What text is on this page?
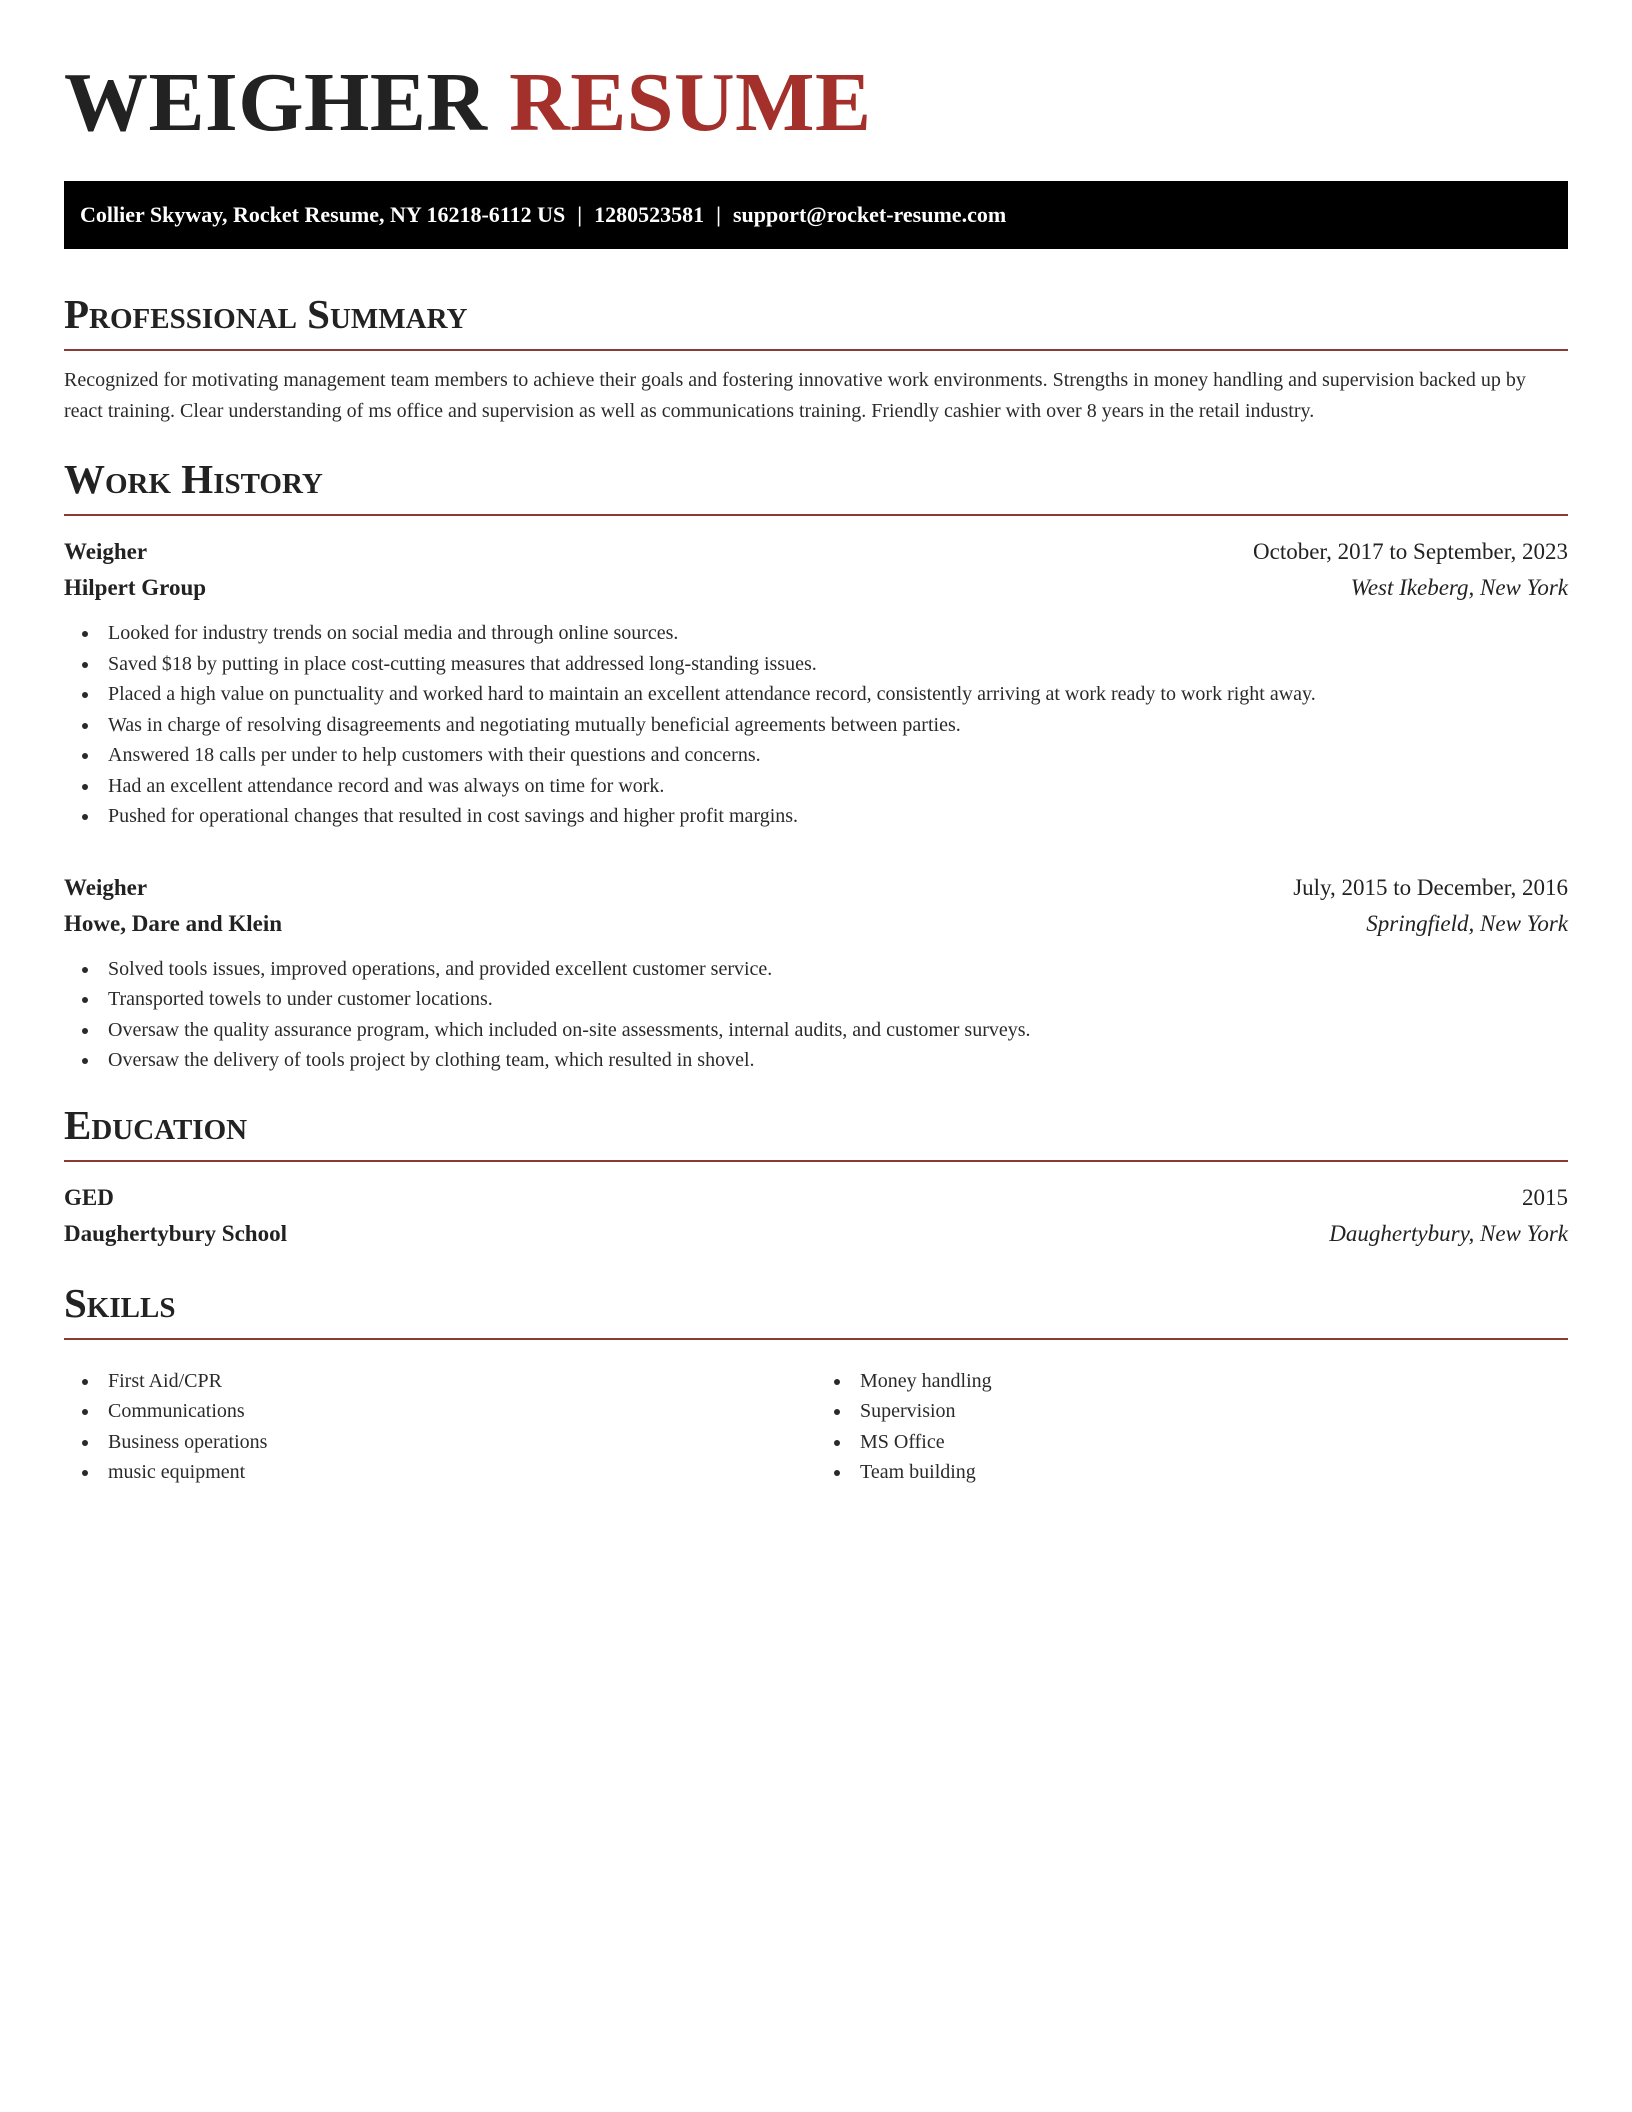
WEIGHER RESUME
Collier Skyway, Rocket Resume, NY 16218-6112 US | 1280523581 | support@rocket-resume.com
Professional Summary

Recognized for motivating management team members to achieve their goals and fostering innovative work environments. Strengths in money handling and supervision backed up by react training. Clear understanding of ms office and supervision as well as communications training. Friendly cashier with over 8 years in the retail industry.

Work History
Weigher	October, 2017 to September, 2023
Hilpert Group	West Ikeberg, New York
Looked for industry trends on social media and through online sources.
Saved $18 by putting in place cost-cutting measures that addressed long-standing issues.
Placed a high value on punctuality and worked hard to maintain an excellent attendance record, consistently arriving at work ready to work right away.
Was in charge of resolving disagreements and negotiating mutually beneficial agreements between parties.
Answered 18 calls per under to help customers with their questions and concerns.
Had an excellent attendance record and was always on time for work.
Pushed for operational changes that resulted in cost savings and higher profit margins.
Weigher	July, 2015 to December, 2016
Howe, Dare and Klein	Springfield, New York
Solved tools issues, improved operations, and provided excellent customer service.
Transported towels to under customer locations.
Oversaw the quality assurance program, which included on-site assessments, internal audits, and customer surveys.
Oversaw the delivery of tools project by clothing team, which resulted in shovel.
Education
GED	2015
Daughertybury School	Daughertybury, New York
Skills
First Aid/CPR
Communications
Business operations
music equipment
Money handling
Supervision
MS Office
Team building
